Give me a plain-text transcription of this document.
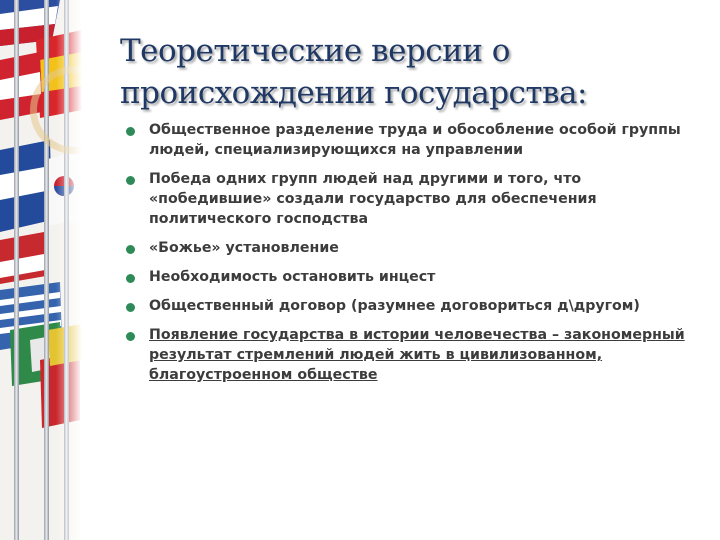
Теоретические версии о происхождении государства:
Общественное разделение труда и обособление особой группы людей, специализирующихся на управлении
Победа одних групп людей над другими и того, что «победившие» создали государство для обеспечения политического господства
«Божье» установление
Необходимость остановить инцест
Общественный договор (разумнее договориться д\другом)
Появление государства в истории человечества – закономерный результат стремлений людей жить в цивилизованном, благоустроенном обществе
